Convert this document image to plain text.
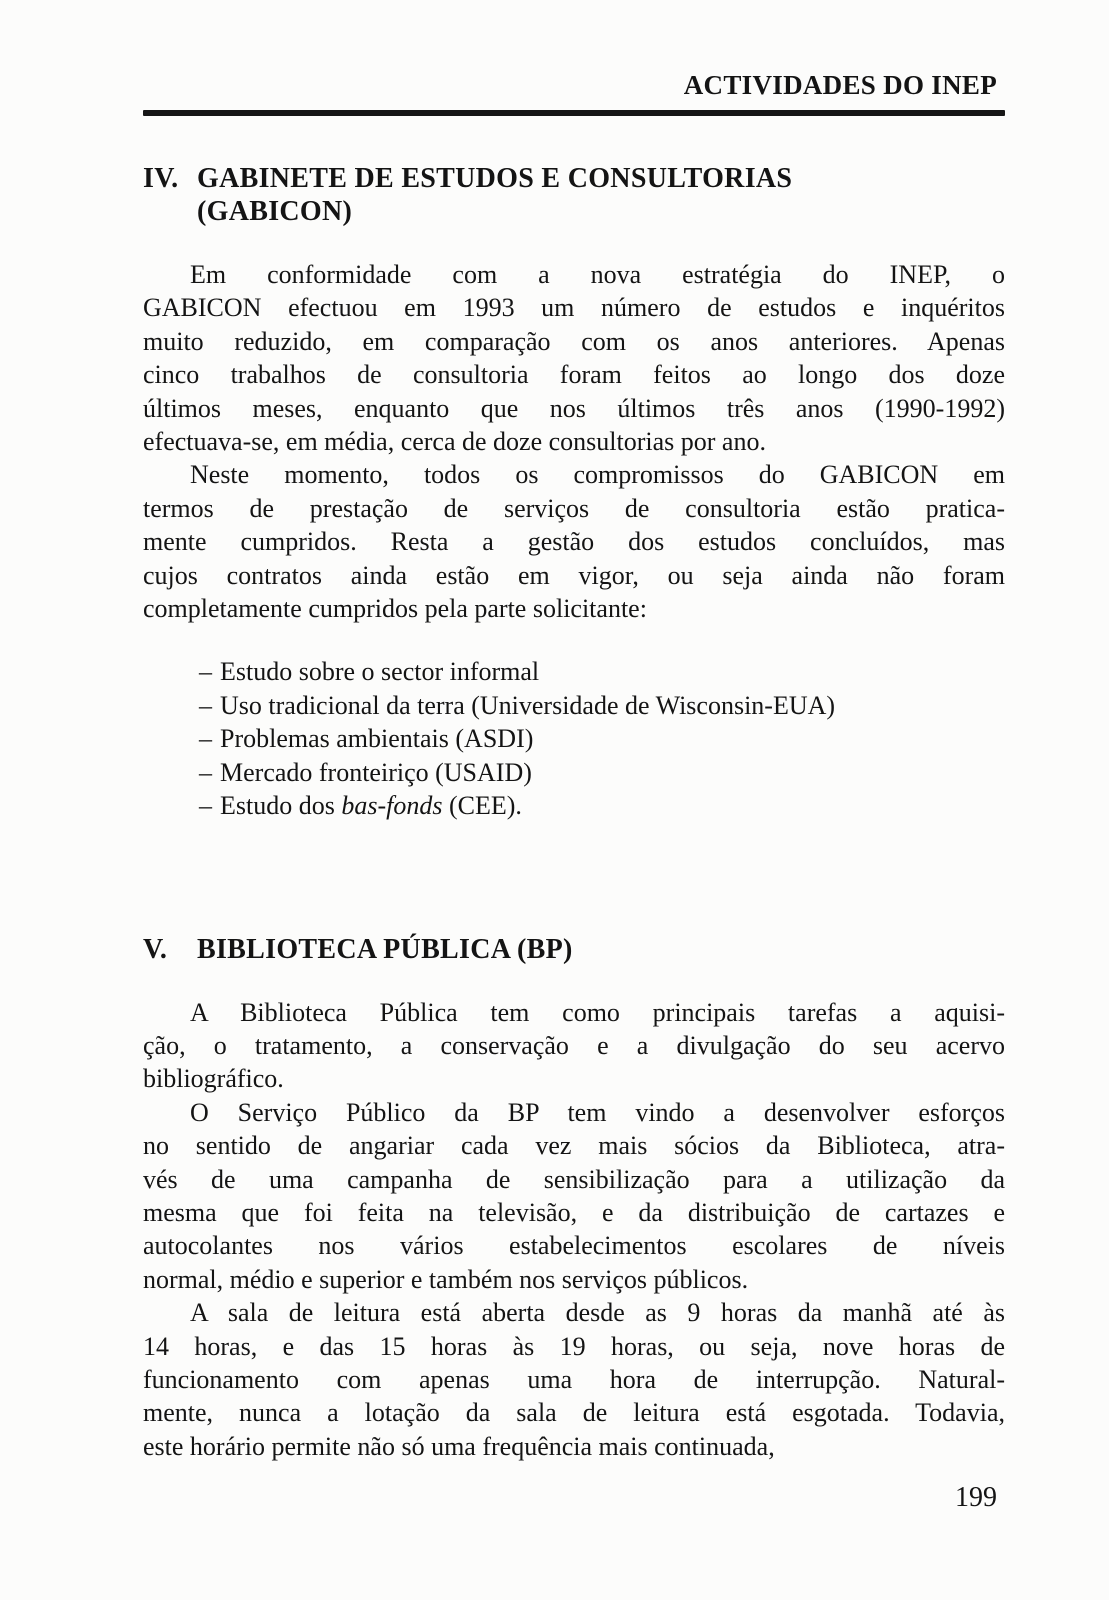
ACTIVIDADES DO INEP
IV. GABINETE DE ESTUDOS E CONSULTORIAS
(GABICON)
Em conformidade com a nova estratégia do INEP, o
GABICON efectuou em 1993 um número de estudos e inquéritos
muito reduzido, em comparação com os anos anteriores. Apenas
cinco trabalhos de consultoria foram feitos ao longo dos doze
últimos meses, enquanto que nos últimos três anos (1990-1992)
efectuava-se, em média, cerca de doze consultorias por ano.
Neste momento, todos os compromissos do GABICON em
termos de prestação de serviços de consultoria estão pratica-
mente cumpridos. Resta a gestão dos estudos concluídos, mas
cujos contratos ainda estão em vigor, ou seja ainda não foram
completamente cumpridos pela parte solicitante:
– Estudo sobre o sector informal
– Uso tradicional da terra (Universidade de Wisconsin-EUA)
– Problemas ambientais (ASDI)
– Mercado fronteiriço (USAID)
– Estudo dos bas-fonds (CEE).
V.	BIBLIOTECA PÚBLICA (BP)
A Biblioteca Pública tem como principais tarefas a aquisi-
ção, o tratamento, a conservação e a divulgação do seu acervo
bibliográfico.
O Serviço Público da BP tem vindo a desenvolver esforços
no sentido de angariar cada vez mais sócios da Biblioteca, atra-
vés de uma campanha de sensibilização para a utilização da
mesma que foi feita na televisão, e da distribuição de cartazes e
autocolantes nos vários estabelecimentos escolares de níveis
normal, médio e superior e também nos serviços públicos.
A sala de leitura está aberta desde as 9 horas da manhã até às
14 horas, e das 15 horas às 19 horas, ou seja, nove horas de
funcionamento com apenas uma hora de interrupção. Natural-
mente, nunca a lotação da sala de leitura está esgotada. Todavia,
este horário permite não só uma frequência mais continuada,
199
